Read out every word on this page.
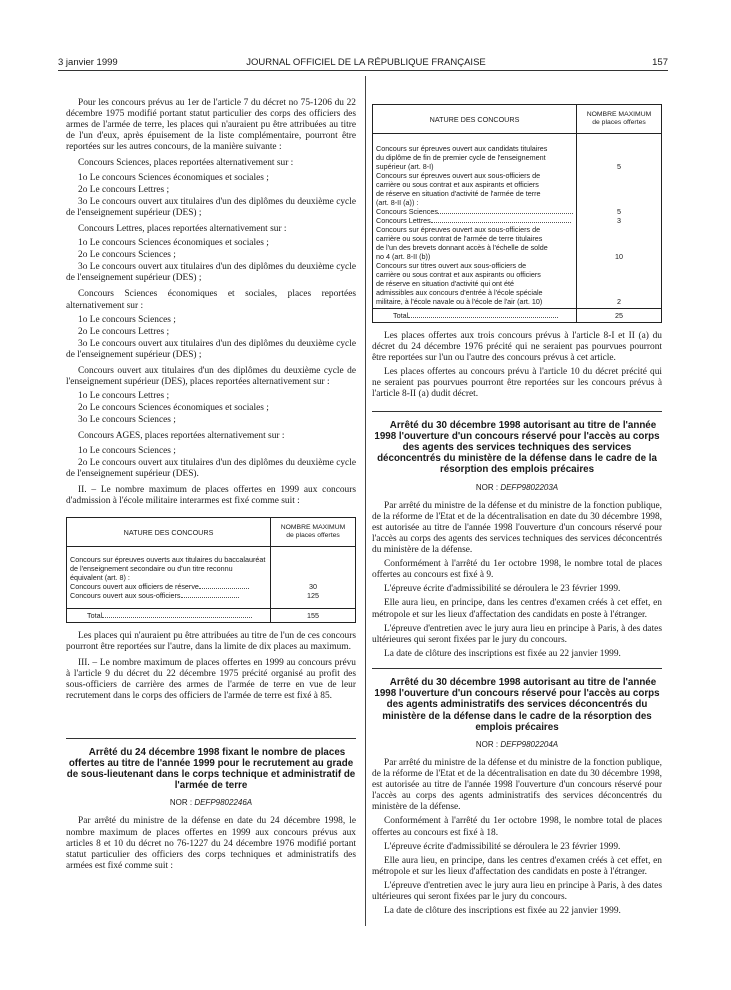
3 janvier 1999	JOURNAL OFFICIEL DE LA RÉPUBLIQUE FRANÇAISE	157

Pour les concours prévus au 1er de l'article 7 du décret no 75-1206 du 22 décembre 1975 modifié portant statut particulier des corps des officiers des armes de l'armée de terre, les places qui n'auraient pu être attribuées au titre de l'un d'eux, après épuisement de la liste complémentaire, pourront être reportées sur les autres concours, de la manière suivante :

Concours Sciences, places reportées alternativement sur :

1o Le concours Sciences économiques et sociales ;

2o Le concours Lettres ;

3o Le concours ouvert aux titulaires d'un des diplômes du deuxième cycle de l'enseignement supérieur (DES) ;

Concours Lettres, places reportées alternativement sur :

1o Le concours Sciences économiques et sociales ;

2o Le concours Sciences ;

3o Le concours ouvert aux titulaires d'un des diplômes du deuxième cycle de l'enseignement supérieur (DES) ;

Concours Sciences économiques et sociales, places reportées alternativement sur :

1o Le concours Sciences ;

2o Le concours Lettres ;

3o Le concours ouvert aux titulaires d'un des diplômes du deuxième cycle de l'enseignement supérieur (DES) ;

Concours ouvert aux titulaires d'un des diplômes du deuxième cycle de l'enseignement supérieur (DES), places reportées alternativement sur :

1o Le concours Lettres ;

2o Le concours Sciences économiques et sociales ;

3o Le concours Sciences ;

Concours AGES, places reportées alternativement sur :

1o Le concours Sciences ;

2o Le concours ouvert aux titulaires d'un des diplômes du deuxième cycle de l'enseignement supérieur (DES).

II. – Le nombre maximum de places offertes en 1999 aux concours d'admission à l'école militaire interarmes est fixé comme suit :

NATURE DES CONCOURS	NOMBRE MAXIMUM
de places offertes

Concours sur épreuves ouverts aux titulaires du baccalauréat de l'enseignement secondaire ou d'un titre reconnu équivalent (art. 8) :	
Concours ouvert aux officiers de réserve	30
Concours ouvert aux sous-officiers	125
Total	155

Les places qui n'auraient pu être attribuées au titre de l'un de ces concours pourront être reportées sur l'autre, dans la limite de dix places au maximum.

III. – Le nombre maximum de places offertes en 1999 au concours prévu à l'article 9 du décret du 22 décembre 1975 précité organisé au profit des sous-officiers de carrière des armes de l'armée de terre en vue de leur recrutement dans le corps des officiers de l'armée de terre est fixé à 85.

Arrêté du 24 décembre 1998 fixant le nombre de places offertes au titre de l'année 1999 pour le recrutement au grade de sous-lieutenant dans le corps technique et administratif de l'armée de terre

NOR : DEFP9802246A

Par arrêté du ministre de la défense en date du 24 décembre 1998, le nombre maximum de places offertes en 1999 aux concours prévus aux articles 8 et 10 du décret no 76-1227 du 24 décembre 1976 modifié portant statut particulier des officiers des corps techniques et administratifs des armées est fixé comme suit :

NATURE DES CONCOURS	NOMBRE MAXIMUM
de places offertes

Concours sur épreuves ouvert aux candidats titulaires du diplôme de fin de premier cycle de l'enseignement supérieur (art. 8-I)	5
Concours sur épreuves ouvert aux sous-officiers de carrière ou sous contrat et aux aspirants et officiers de réserve en situation d'activité de l'armée de terre (art. 8-II (a)) :	
Concours Sciences	5
Concours Lettres	3
Concours sur épreuves ouvert aux sous-officiers de carrière ou sous contrat de l'armée de terre titulaires de l'un des brevets donnant accès à l'échelle de solde no 4 (art. 8-II (b))	10
Concours sur titres ouvert aux sous-officiers de carrière ou sous contrat et aux aspirants ou officiers de réserve en situation d'activité qui ont été admissibles aux concours d'entrée à l'école spéciale militaire, à l'école navale ou à l'école de l'air (art. 10)	2
Total	25

Les places offertes aux trois concours prévus à l'article 8-I et II (a) du décret du 24 décembre 1976 précité qui ne seraient pas pourvues pourront être reportées sur l'un ou l'autre des concours prévus à cet article.

Les places offertes au concours prévu à l'article 10 du décret précité qui ne seraient pas pourvues pourront être reportées sur les concours prévus à l'article 8-II (a) dudit décret.

Arrêté du 30 décembre 1998 autorisant au titre de l'année 1998 l'ouverture d'un concours réservé pour l'accès au corps des agents des services techniques des services déconcentrés du ministère de la défense dans le cadre de la résorption des emplois précaires

NOR : DEFP9802203A

Par arrêté du ministre de la défense et du ministre de la fonction publique, de la réforme de l'Etat et de la décentralisation en date du 30 décembre 1998, est autorisée au titre de l'année 1998 l'ouverture d'un concours réservé pour l'accès au corps des agents des services techniques des services déconcentrés du ministère de la défense.

Conformément à l'arrêté du 1er octobre 1998, le nombre total de places offertes au concours est fixé à 9.

L'épreuve écrite d'admissibilité se déroulera le 23 février 1999.

Elle aura lieu, en principe, dans les centres d'examen créés à cet effet, en métropole et sur les lieux d'affectation des candidats en poste à l'étranger.

L'épreuve d'entretien avec le jury aura lieu en principe à Paris, à des dates ultérieures qui seront fixées par le jury du concours.

La date de clôture des inscriptions est fixée au 22 janvier 1999.

Arrêté du 30 décembre 1998 autorisant au titre de l'année 1998 l'ouverture d'un concours réservé pour l'accès au corps des agents administratifs des services déconcentrés du ministère de la défense dans le cadre de la résorption des emplois précaires

NOR : DEFP9802204A

Par arrêté du ministre de la défense et du ministre de la fonction publique, de la réforme de l'Etat et de la décentralisation en date du 30 décembre 1998, est autorisée au titre de l'année 1998 l'ouverture d'un concours réservé pour l'accès au corps des agents administratifs des services déconcentrés du ministère de la défense.

Conformément à l'arrêté du 1er octobre 1998, le nombre total de places offertes au concours est fixé à 18.

L'épreuve écrite d'admissibilité se déroulera le 23 février 1999.

Elle aura lieu, en principe, dans les centres d'examen créés à cet effet, en métropole et sur les lieux d'affectation des candidats en poste à l'étranger.

L'épreuve d'entretien avec le jury aura lieu en principe à Paris, à des dates ultérieures qui seront fixées par le jury du concours.

La date de clôture des inscriptions est fixée au 22 janvier 1999.
